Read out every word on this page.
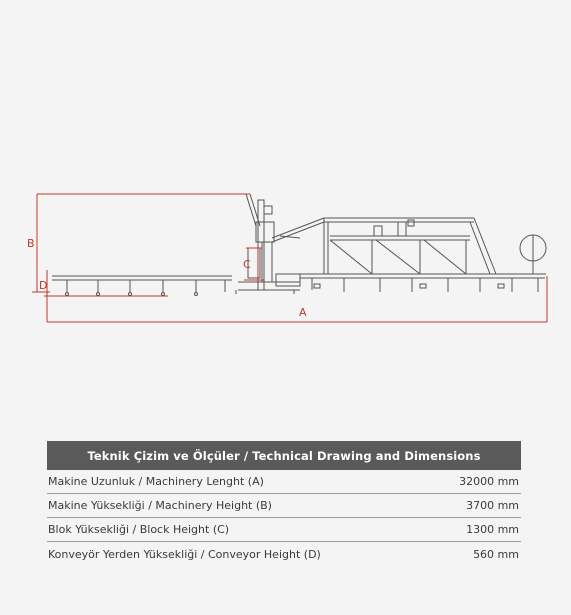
B
D
C
A
Teknik Çizim ve Ölçüler / Technical Drawing and Dimensions
Makine Uzunluk / Machinery Lenght (A)	32000 mm
Makine Yüksekliği / Machinery Height (B)	3700 mm
Blok Yüksekliği / Block Height (C)	1300 mm
Konveyör Yerden Yüksekliği / Conveyor Height (D)	560 mm
